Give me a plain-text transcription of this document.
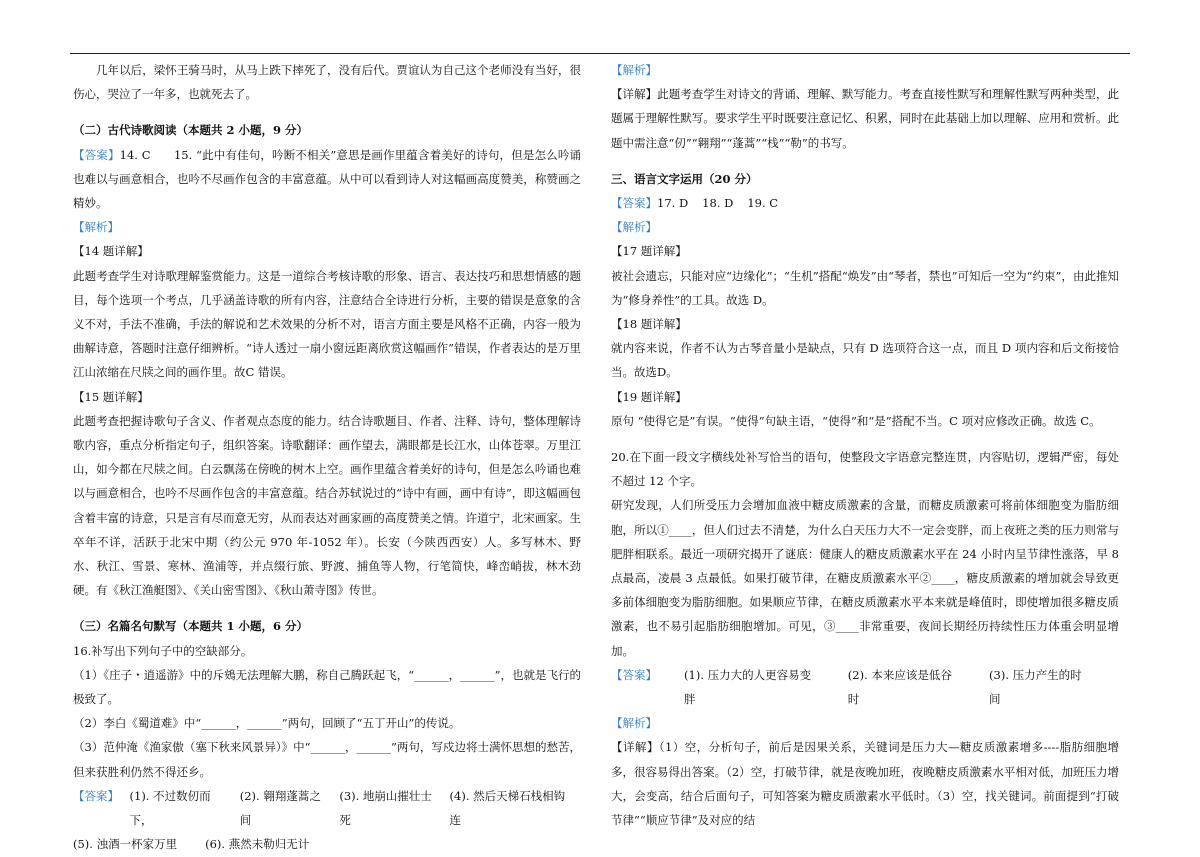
几年以后，梁怀王骑马时，从马上跌下摔死了，没有后代。贾谊认为自己这个老师没有当好，很伤心，哭泣了一年多，也就死去了。

（二）古代诗歌阅读（本题共 2 小题，9 分）

【答案】14. C　　15. “此中有佳句，吟断不相关”意思是画作里蕴含着美好的诗句，但是怎么吟诵也难以与画意相合，也吟不尽画作包含的丰富意蕴。从中可以看到诗人对这幅画高度赞美，称赞画之精妙。

【解析】

【14 题详解】

此题考查学生对诗歌理解鉴赏能力。这是一道综合考核诗歌的形象、语言、表达技巧和思想情感的题目，每个选项一个考点，几乎涵盖诗歌的所有内容，注意结合全诗进行分析，主要的错误是意象的含义不对，手法不准确，手法的解说和艺术效果的分析不对，语言方面主要是风格不正确，内容一般为曲解诗意，答题时注意仔细辨析。“诗人透过一扇小窗远距离欣赏这幅画作”错误，作者表达的是万里江山浓缩在尺牍之间的画作里。故C 错误。

【15 题详解】

此题考查把握诗歌句子含义、作者观点态度的能力。结合诗歌题目、作者、注释、诗句，整体理解诗歌内容，重点分析指定句子，组织答案。诗歌翻译：画作望去，满眼都是长江水，山体苍翠。万里江山，如今都在尺牍之间。白云飘荡在傍晚的树木上空。画作里蕴含着美好的诗句，但是怎么吟诵也难以与画意相合，也吟不尽画作包含的丰富意蕴。结合苏轼说过的“诗中有画，画中有诗”，即这幅画包含着丰富的诗意，只是言有尽而意无穷，从而表达对画家画的高度赞美之情。许道宁，北宋画家。生卒年不详，活跃于北宋中期（约公元 970 年-1052 年）。长安（今陕西西安）人。多写林木、野水、秋江、雪景、寒林、渔浦等，并点缀行旅、野渡、捕鱼等人物，行笔简快，峰峦峭拔，林木劲硬。有《秋江渔艇图》、《关山密雪图》、《秋山萧寺图》传世。

（三）名篇名句默写（本题共 1 小题，6 分）

16.补写出下列句子中的空缺部分。

（1）《庄子・逍遥游》中的斥鴳无法理解大鹏，称自己腾跃起飞，“______，______”，也就是飞行的极致了。

（2）李白《蜀道难》中“______，______”两句，回顾了“五丁开山”的传说。

（3）范仲淹《渔家傲（塞下秋来风景异）》中“______，______”两句，写戍边将士满怀思想的愁苦，但来获胜利仍然不得还乡。

【答案】 (1). 不过数仞而下，
(2). 翱翔蓬蒿之间
(3). 地崩山摧壮士死
(4). 然后天梯石栈相钩连
(5). 浊酒一杯家万里 (6). 燕然未勒归无计

【解析】

【详解】此题考查学生对诗文的背诵、理解、默写能力。考查直接性默写和理解性默写两种类型，此题属于理解性默写。要求学生平时既要注意记忆、积累，同时在此基础上加以理解、应用和赏析。此题中需注意“仞”“翱翔”“蓬蒿”“栈”“勒”的书写。

三、语言文字运用（20 分）

【答案】 17. D 18. D 19. C

【解析】

【17 题详解】

被社会遗忘，只能对应“边缘化”；“生机”搭配“焕发”由“琴者，禁也”可知后一空为“约束”，由此推知为“修身养性”的工具。故选 D。

【18 题详解】

就内容来说，作者不认为古琴音量小是缺点，只有 D 选项符合这一点，而且 D 项内容和后文衔接恰当。故选D。

【19 题详解】

原句 “使得它是”有误。“使得”句缺主语，“使得”和“是”搭配不当。C 项对应修改正确。故选 C。

20.在下面一段文字横线处补写恰当的语句，使整段文字语意完整连贯，内容贴切，逻辑严密，每处不超过 12 个字。

研究发现，人们所受压力会增加血液中糖皮质激素的含量，而糖皮质激素可将前体细胞变为脂肪细胞，所以①____，但人们过去不清楚，为什么白天压力大不一定会变胖，而上夜班之类的压力则常与肥胖相联系。最近一项研究揭开了谜底：健康人的糖皮质激素水平在 24 小时内呈节律性涨落，早 8 点最高，凌晨 3 点最低。如果打破节律，在糖皮质激素水平②____，糖皮质激素的增加就会导致更多前体细胞变为脂肪细胞。如果顺应节律，在糖皮质激素水平本来就是峰值时，即使增加很多糖皮质激素，也不易引起脂肪细胞增加。可见，③____非常重要，夜间长期经历持续性压力体重会明显增加。

【答案】 (1). 压力大的人更容易变胖
(2). 本来应该是低谷时
(3). 压力产生的时间

【解析】

【详解】（1）空，分析句子，前后是因果关系，关键词是压力大—糖皮质激素增多----脂肪细胞增多，很容易得出答案。（2）空，打破节律，就是夜晚加班，夜晚糖皮质激素水平相对低，加班压力增大，会变高，结合后面句子，可知答案为糖皮质激素水平低时。（3）空，找关键词。前面提到“打破节律”“顺应节律”及对应的结
